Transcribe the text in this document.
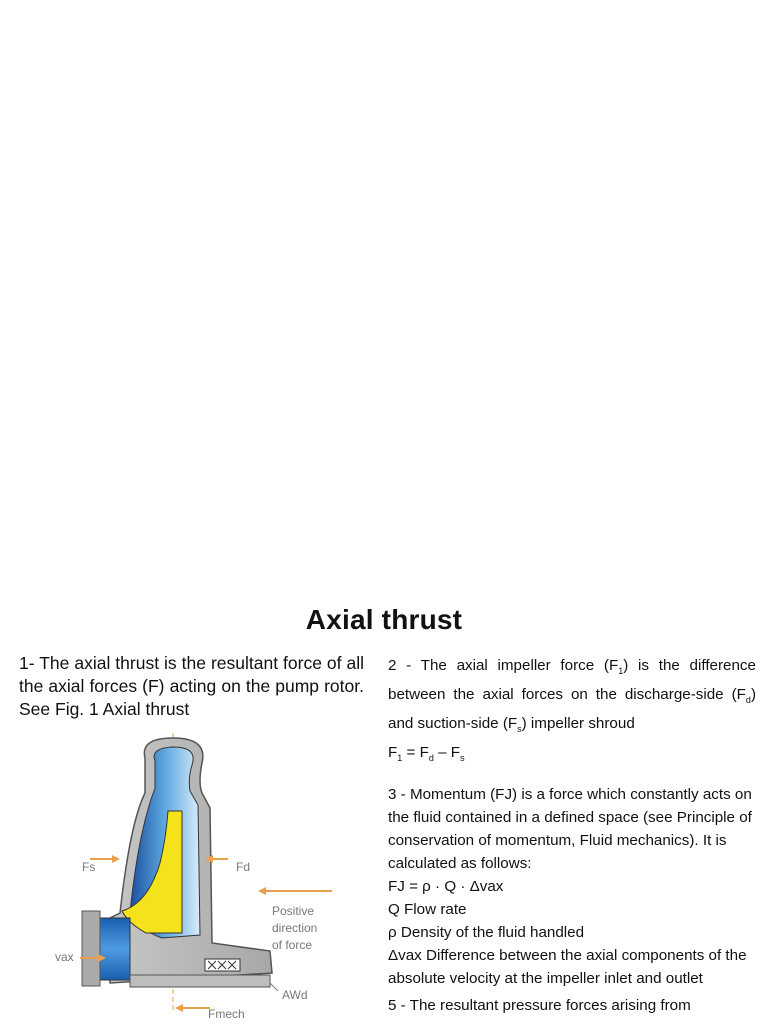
Axial thrust

1- The axial thrust is the resultant force of all the axial forces (F) acting on the pump rotor. See Fig. 1 Axial thrust

Fs	Fd
vax
Fmech
AWd
Positive
direction
of force

2 - The axial impeller force $(F_1)$ is the difference between the axial forces on the discharge-side $(F_d)$ and suction-side $(F_s)$ impeller shroud

$F_1 = F_d - F_s$

3 - Momentum (FJ) is a force which constantly acts on the fluid contained in a defined space (see Principle of conservation of momentum, Fluid mechanics). It is calculated as follows:

FJ = ρ · Q · Δvax

Q Flow rate

ρ Density of the fluid handled

Δvax Difference between the axial components of the absolute velocity at the impeller inlet and outlet

5 - The resultant pressure forces arising from
